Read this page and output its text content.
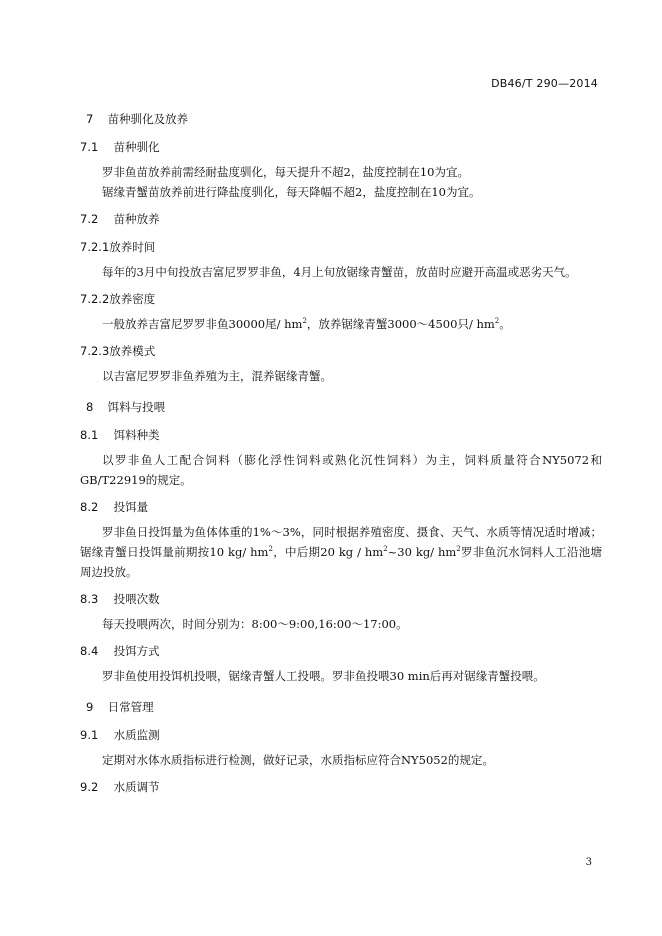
DB46/T 290—2014
7 苗种驯化及放养
7.1 苗种驯化
罗非鱼苗放养前需经耐盐度驯化，每天提升不超2，盐度控制在10为宜。
锯缘青蟹苗放养前进行降盐度驯化，每天降幅不超2，盐度控制在10为宜。
7.2 苗种放养
7.2.1放养时间
每年的3月中旬投放吉富尼罗罗非鱼，4月上旬放锯缘青蟹苗，放苗时应避开高温或恶劣天气。
7.2.2放养密度
一般放养吉富尼罗罗非鱼30000尾/ $hm^2$，放养锯缘青蟹3000～4500只/ $hm^2$。
7.2.3放养模式
以吉富尼罗罗非鱼养殖为主，混养锯缘青蟹。
8 饵料与投喂
8.1 饵料种类
以罗非鱼人工配合饲料（膨化浮性饲料或熟化沉性饲料）为主，饲料质量符合NY5072和GB/T22919的规定。
8.2 投饵量
罗非鱼日投饵量为鱼体体重的1%～3%，同时根据养殖密度、摄食、天气、水质等情况适时增减；锯缘青蟹日投饵量前期按10 kg/ $hm^2$，中后期20 kg / $hm^2\sim 30$ kg/ $hm^2$罗非鱼沉水饲料人工沿池塘周边投放。
8.3 投喂次数
每天投喂两次，时间分别为：8:00～9:00,16:00～17:00。
8.4 投饵方式
罗非鱼使用投饵机投喂，锯缘青蟹人工投喂。罗非鱼投喂30 min后再对锯缘青蟹投喂。
9 日常管理
9.1 水质监测
定期对水体水质指标进行检测，做好记录，水质指标应符合NY5052的规定。
9.2 水质调节
3
